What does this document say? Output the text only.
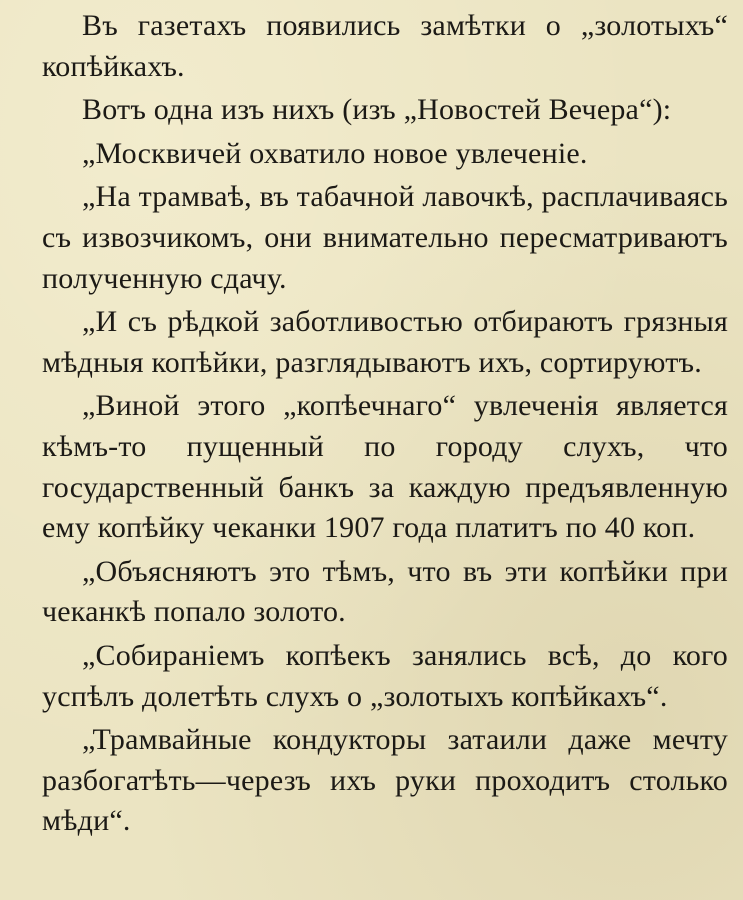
Въ газетахъ появились замѣтки о „золотыхъ“ копѣйкахъ.

Вотъ одна изъ нихъ (изъ „Новостей Вечера“):

„Москвичей охватило новое увлеченіе.

„На трамваѣ, въ табачной лавочкѣ, расплачиваясь съ извозчикомъ, они внимательно пересматриваютъ полученную сдачу.

„И съ рѣдкой заботливостью отбираютъ грязныя мѣдныя копѣйки, разглядываютъ ихъ, сортируютъ.

„Виной этого „копѣечнаго“ увлеченія является кѣмъ-то пущенный по городу слухъ, что государственный банкъ за каждую предъявленную ему копѣйку чеканки 1907 года платитъ по 40 коп.

„Объясняютъ это тѣмъ, что въ эти копѣйки при чеканкѣ попало золото.

„Собираніемъ копѣекъ занялись всѣ, до кого успѣлъ долетѣть слухъ о „золотыхъ копѣйкахъ“.

„Трамвайные кондукторы затаили даже мечту разбогатѣть—черезъ ихъ руки проходитъ столько мѣди“.
